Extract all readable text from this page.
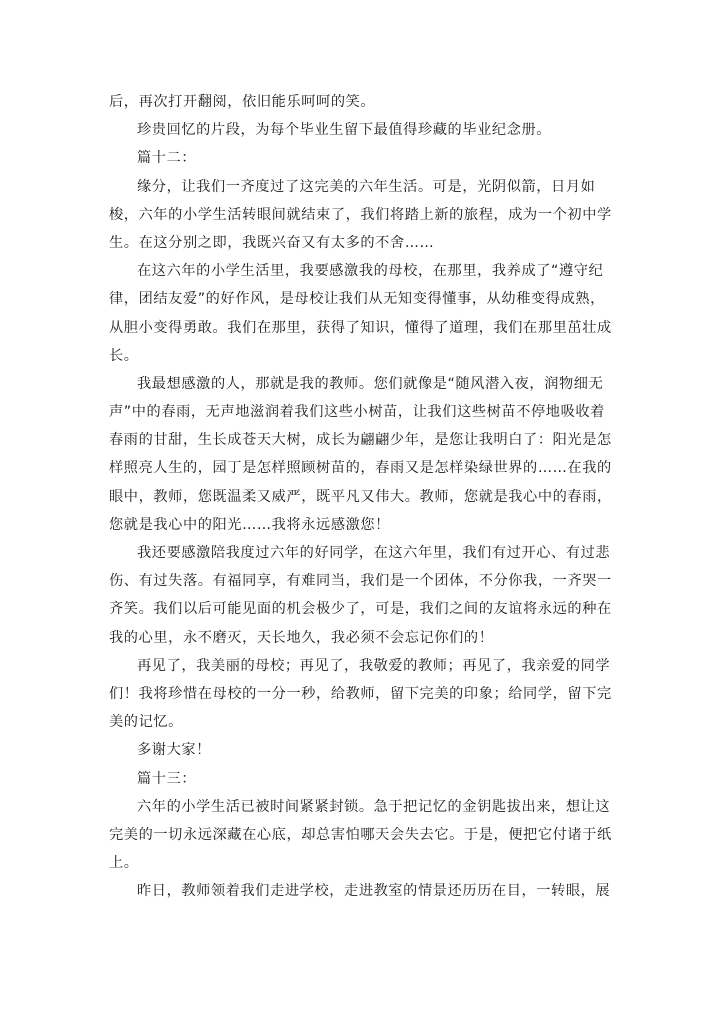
后，再次打开翻阅，依旧能乐呵呵的笑。
珍贵回忆的片段，为每个毕业生留下最值得珍藏的毕业纪念册。
篇十二：
缘分，让我们一齐度过了这完美的六年生活。可是，光阴似箭，日月如
梭，六年的小学生活转眼间就结束了，我们将踏上新的旅程，成为一个初中学
生。在这分别之即，我既兴奋又有太多的不舍……
在这六年的小学生活里，我要感激我的母校，在那里，我养成了“遵守纪
律，团结友爱”的好作风，是母校让我们从无知变得懂事，从幼稚变得成熟，
从胆小变得勇敢。我们在那里，获得了知识，懂得了道理，我们在那里茁壮成
长。
我最想感激的人，那就是我的教师。您们就像是“随风潜入夜，润物细无
声”中的春雨，无声地滋润着我们这些小树苗，让我们这些树苗不停地吸收着
春雨的甘甜，生长成苍天大树，成长为翩翩少年，是您让我明白了：阳光是怎
样照亮人生的，园丁是怎样照顾树苗的，春雨又是怎样染绿世界的……在我的
眼中，教师，您既温柔又威严，既平凡又伟大。教师，您就是我心中的春雨，
您就是我心中的阳光……我将永远感激您！
我还要感激陪我度过六年的好同学，在这六年里，我们有过开心、有过悲
伤、有过失落。有福同享，有难同当，我们是一个团体，不分你我，一齐哭一
齐笑。我们以后可能见面的机会极少了，可是，我们之间的友谊将永远的种在
我的心里，永不磨灭，天长地久，我必须不会忘记你们的！
再见了，我美丽的母校；再见了，我敬爱的教师；再见了，我亲爱的同学
们！我将珍惜在母校的一分一秒，给教师，留下完美的印象；给同学，留下完
美的记忆。
多谢大家！
篇十三：
六年的小学生活已被时间紧紧封锁。急于把记忆的金钥匙拔出来，想让这
完美的一切永远深藏在心底，却总害怕哪天会失去它。于是，便把它付诸于纸
上。
昨日，教师领着我们走进学校，走进教室的情景还历历在目，一转眼，展
